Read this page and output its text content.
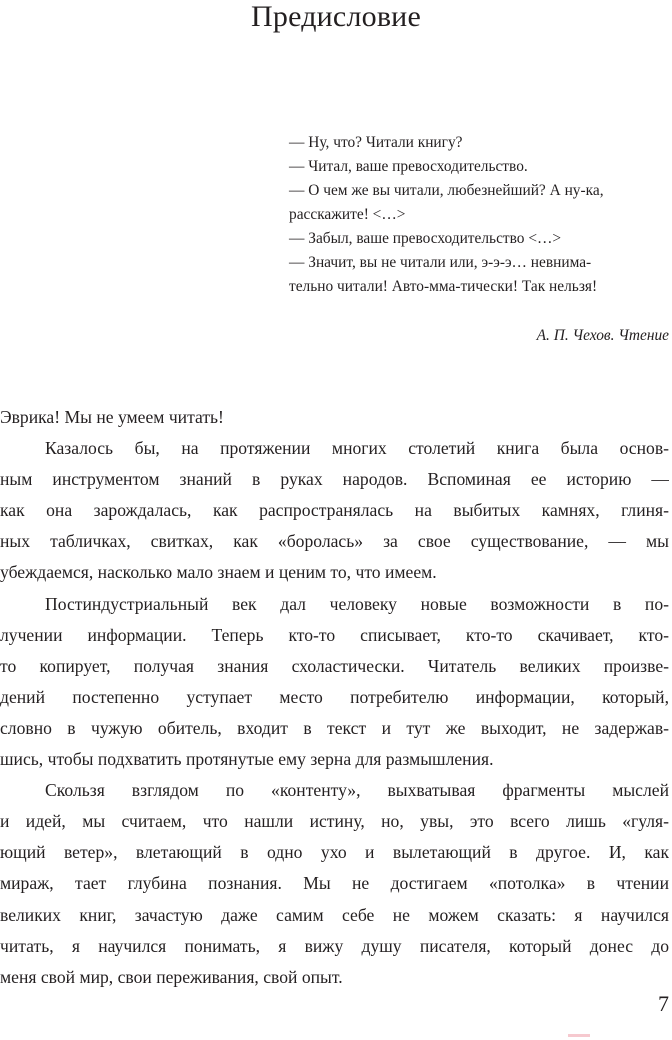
Предисловие
— Ну, что? Читали книгу?
— Читал, ваше превосходительство.
— О чем же вы читали, любезнейший? А ну-ка,
расскажите! <…>
— Забыл, ваше превосходительство <…>
— Значит, вы не читали или, э-э-э… невнима-
тельно читали! Авто-мма-тически! Так нельзя!
А. П. Чехов. Чтение
Эврика! Мы не умеем читать!
Казалось бы, на протяжении многих столетий книга была основ-
ным инструментом знаний в руках народов. Вспоминая ее историю —
как она зарождалась, как распространялась на выбитых камнях, глиня-
ных табличках, свитках, как «боролась» за свое существование, — мы
убеждаемся, насколько мало знаем и ценим то, что имеем.
Постиндустриальный век дал человеку новые возможности в по-
лучении информации. Теперь кто-то списывает, кто-то скачивает, кто-
то копирует, получая знания схоластически. Читатель великих произве-
дений постепенно уступает место потребителю информации, который,
словно в чужую обитель, входит в текст и тут же выходит, не задержав-
шись, чтобы подхватить протянутые ему зерна для размышления.
Скользя взглядом по «контенту», выхватывая фрагменты мыслей
и идей, мы считаем, что нашли истину, но, увы, это всего лишь «гуля-
ющий ветер», влетающий в одно ухо и вылетающий в другое. И, как
мираж, тает глубина познания. Мы не достигаем «потолка» в чтении
великих книг, зачастую даже самим себе не можем сказать: я научился
читать, я научился понимать, я вижу душу писателя, который донес до
меня свой мир, свои переживания, свой опыт.
7
